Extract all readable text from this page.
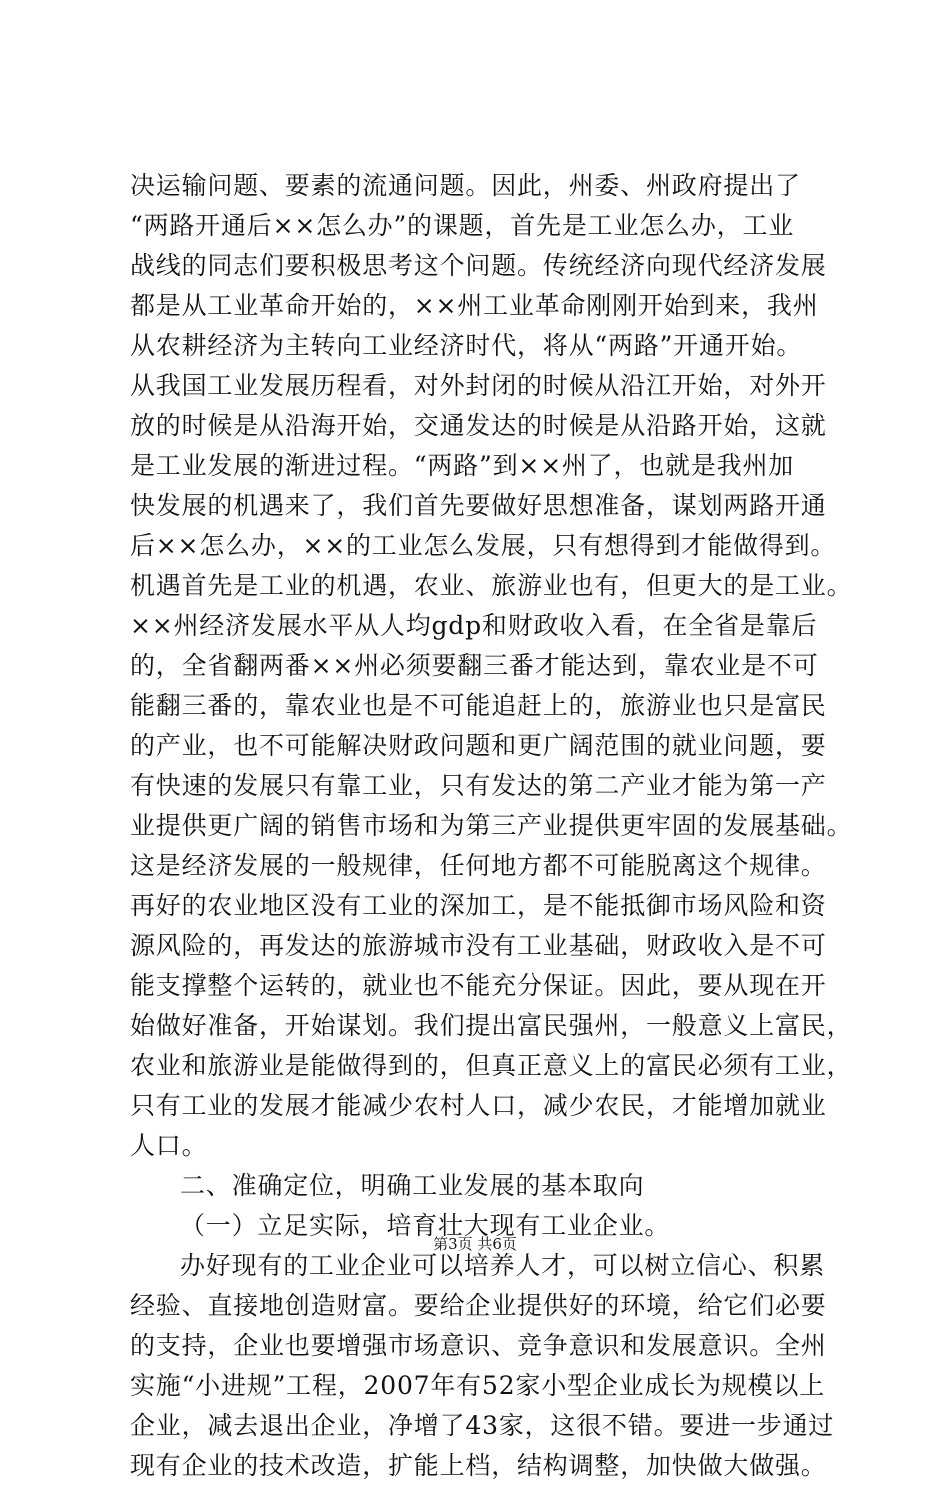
决运输问题、要素的流通问题。因此，州委、州政府提出了
“两路开通后××怎么办”的课题，首先是工业怎么办，工业
战线的同志们要积极思考这个问题。传统经济向现代经济发展
都是从工业革命开始的，××州工业革命刚刚开始到来，我州
从农耕经济为主转向工业经济时代，将从“两路”开通开始。
从我国工业发展历程看，对外封闭的时候从沿江开始，对外开
放的时候是从沿海开始，交通发达的时候是从沿路开始，这就
是工业发展的渐进过程。“两路”到××州了，也就是我州加
快发展的机遇来了，我们首先要做好思想准备，谋划两路开通
后××怎么办，××的工业怎么发展，只有想得到才能做得到。
机遇首先是工业的机遇，农业、旅游业也有，但更大的是工业。
××州经济发展水平从人均gdp和财政收入看，在全省是靠后
的，全省翻两番××州必须要翻三番才能达到，靠农业是不可
能翻三番的，靠农业也是不可能追赶上的，旅游业也只是富民
的产业，也不可能解决财政问题和更广阔范围的就业问题，要
有快速的发展只有靠工业，只有发达的第二产业才能为第一产
业提供更广阔的销售市场和为第三产业提供更牢固的发展基础。
这是经济发展的一般规律，任何地方都不可能脱离这个规律。
再好的农业地区没有工业的深加工，是不能抵御市场风险和资
源风险的，再发达的旅游城市没有工业基础，财政收入是不可
能支撑整个运转的，就业也不能充分保证。因此，要从现在开
始做好准备，开始谋划。我们提出富民强州，一般意义上富民，
农业和旅游业是能做得到的，但真正意义上的富民必须有工业，
只有工业的发展才能减少农村人口，减少农民，才能增加就业
人口。
二、准确定位，明确工业发展的基本取向
（一）立足实际，培育壮大现有工业企业。
办好现有的工业企业可以培养人才，可以树立信心、积累
经验、直接地创造财富。要给企业提供好的环境，给它们必要
的支持，企业也要增强市场意识、竞争意识和发展意识。全州
实施“小进规”工程，2007年有52家小型企业成长为规模以上
企业，减去退出企业，净增了43家，这很不错。要进一步通过
现有企业的技术改造，扩能上档，结构调整，加快做大做强。
第3页 共6页
